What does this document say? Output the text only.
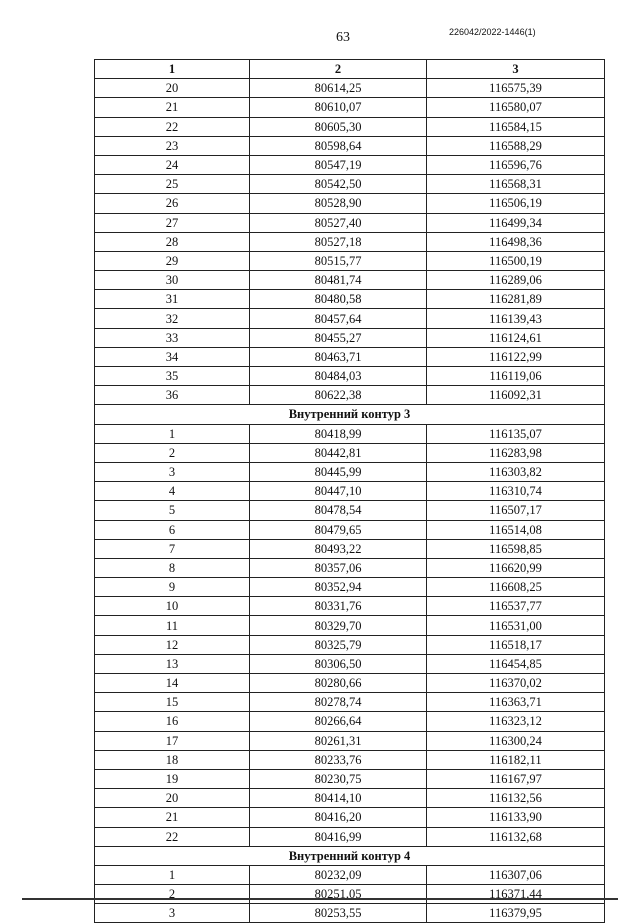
63	226042/2022-1446(1)
1	2	3
20	80614,25	116575,39
21	80610,07	116580,07
22	80605,30	116584,15
23	80598,64	116588,29
24	80547,19	116596,76
25	80542,50	116568,31
26	80528,90	116506,19
27	80527,40	116499,34
28	80527,18	116498,36
29	80515,77	116500,19
30	80481,74	116289,06
31	80480,58	116281,89
32	80457,64	116139,43
33	80455,27	116124,61
34	80463,71	116122,99
35	80484,03	116119,06
36	80622,38	116092,31
Внутренний контур 3		
1	80418,99	116135,07
2	80442,81	116283,98
3	80445,99	116303,82
4	80447,10	116310,74
5	80478,54	116507,17
6	80479,65	116514,08
7	80493,22	116598,85
8	80357,06	116620,99
9	80352,94	116608,25
10	80331,76	116537,77
11	80329,70	116531,00
12	80325,79	116518,17
13	80306,50	116454,85
14	80280,66	116370,02
15	80278,74	116363,71
16	80266,64	116323,12
17	80261,31	116300,24
18	80233,76	116182,11
19	80230,75	116167,97
20	80414,10	116132,56
21	80416,20	116133,90
22	80416,99	116132,68
Внутренний контур 4		
1	80232,09	116307,06
2	80251,05	116371,44
3	80253,55	116379,95
